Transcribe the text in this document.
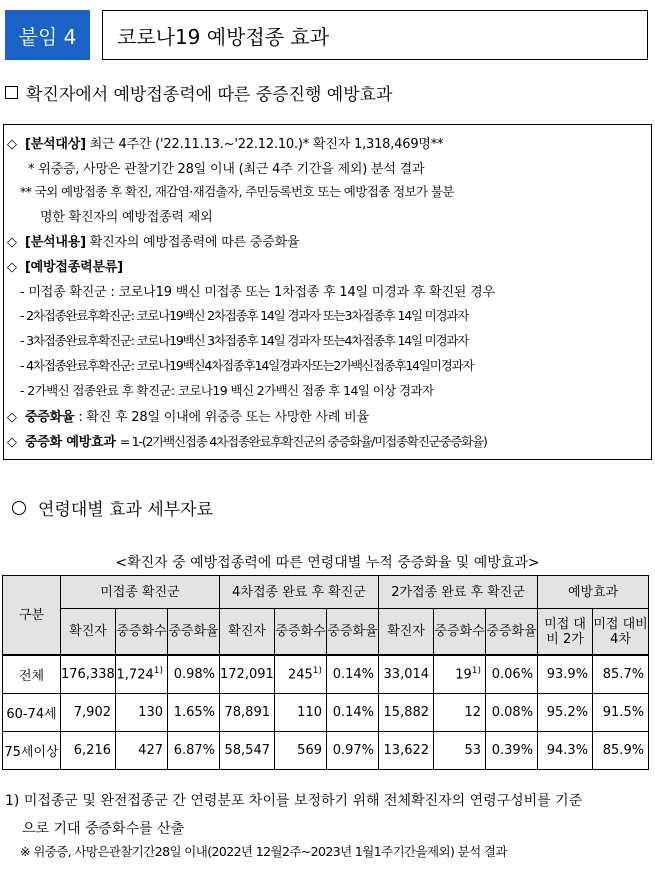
붙임 4	코로나19 예방접종 효과
확진자에서 예방접종력에 따른 중증진행 예방효과
◇ [분석대상] 최근 4주간 ('22.11.13.~'22.12.10.)* 확진자 1,318,469명**
* 위중증, 사망은 관찰기간 28일 이내 (최근 4주 기간을 제외) 분석 결과
** 국외 예방접종 후 확진, 재감염·재검출자, 주민등록번호 또는 예방접종 정보가 불분
명한 확진자의 예방접종력 제외
◇ [분석내용] 확진자의 예방접종력에 따른 중증화율
◇ [예방접종력분류]
- 미접종 확진군 : 코로나19 백신 미접종 또는 1차접종 후 14일 미경과 후 확진된 경우
- 2차접종완료후확진군: 코로나19백신 2차접종후 14일 경과자 또는3차접종후 14일 미경과자
- 3차접종완료후확진군: 코로나19백신 3차접종후 14일 경과자 또는4차접종후 14일 미경과자
- 4차접종완료후확진군: 코로나19백신4차접종후14일경과자또는2가백신접종후14일미경과자
- 2가백신 접종완료 후 확진군: 코로나19 백신 2가백신 접종 후 14일 이상 경과자
◇ 중증화율 : 확진 후 28일 이내에 위중증 또는 사망한 사례 비율
◇ 중증화 예방효과 = 1-(2가백신접종 4차접종완료후확진군의 중증화율/미접종확진군중증화율)
연령대별 효과 세부자료
<확진자 중 예방접종력에 따른 연령대별 누적 중증화율 및 예방효과>
구분	미접종 확진군			4차접종 완료 후 확진군			2가접종 완료 후 확진군			예방효과	
	확진자	중증화수	중증화율	확진자	중증화수	중증화율	확진자	중증화수	중증화율	미접 대비 2가	미접 대비 4차
전체	176,338	1,724$^{1)}$	0.98%	172,091	245$^{1)}$	0.14%	33,014	19$^{1)}$	0.06%	93.9%	85.7%
60-74세	7,902	130	1.65%	78,891	110	0.14%	15,882	12	0.08%	95.2%	91.5%
75세이상	6,216	427	6.87%	58,547	569	0.97%	13,622	53	0.39%	94.3%	85.9%
1) 미접종군 및 완전접종군 간 연령분포 차이를 보정하기 위해 전체확진자의 연령구성비를 기준
으로 기대 중증화수를 산출
※ 위중증, 사망은관찰기간28일 이내(2022년 12월2주~2023년 1월1주기간을제외) 분석 결과
